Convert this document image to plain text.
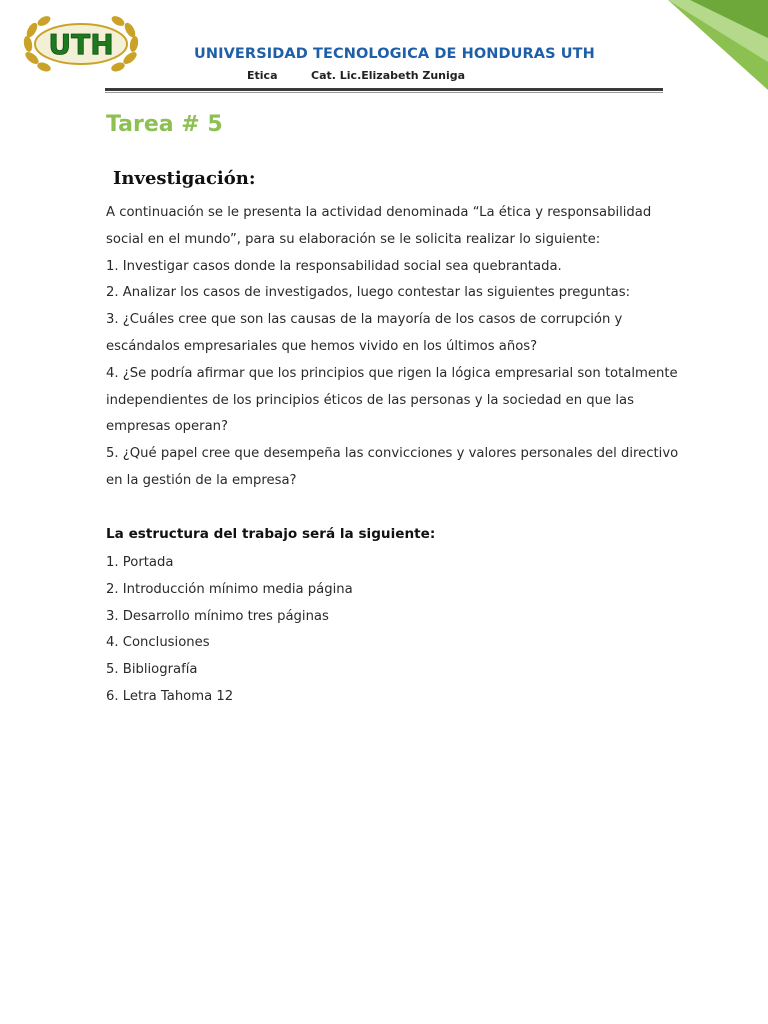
UTH	UNIVERSIDAD TECNOLOGICA DE HONDURAS UTH
Etica	Cat. Lic.Elizabeth Zuniga
Tarea # 5
Investigación:

A continuación se le presenta la actividad denominada “La ética y responsabilidad

social en el mundo”, para su elaboración se le solicita realizar lo siguiente:

1. Investigar casos donde la responsabilidad social sea quebrantada.

2. Analizar los casos de investigados, luego contestar las siguientes preguntas:

3. ¿Cuáles cree que son las causas de la mayoría de los casos de corrupción y

escándalos empresariales que hemos vivido en los últimos años?

4. ¿Se podría afirmar que los principios que rigen la lógica empresarial son totalmente

independientes de los principios éticos de las personas y la sociedad en que las

empresas operan?

5. ¿Qué papel cree que desempeña las convicciones y valores personales del directivo

en la gestión de la empresa?

La estructura del trabajo será la siguiente:
1. Portada
2. Introducción mínimo media página
3. Desarrollo mínimo tres páginas
4. Conclusiones
5. Bibliografía
6. Letra Tahoma 12
